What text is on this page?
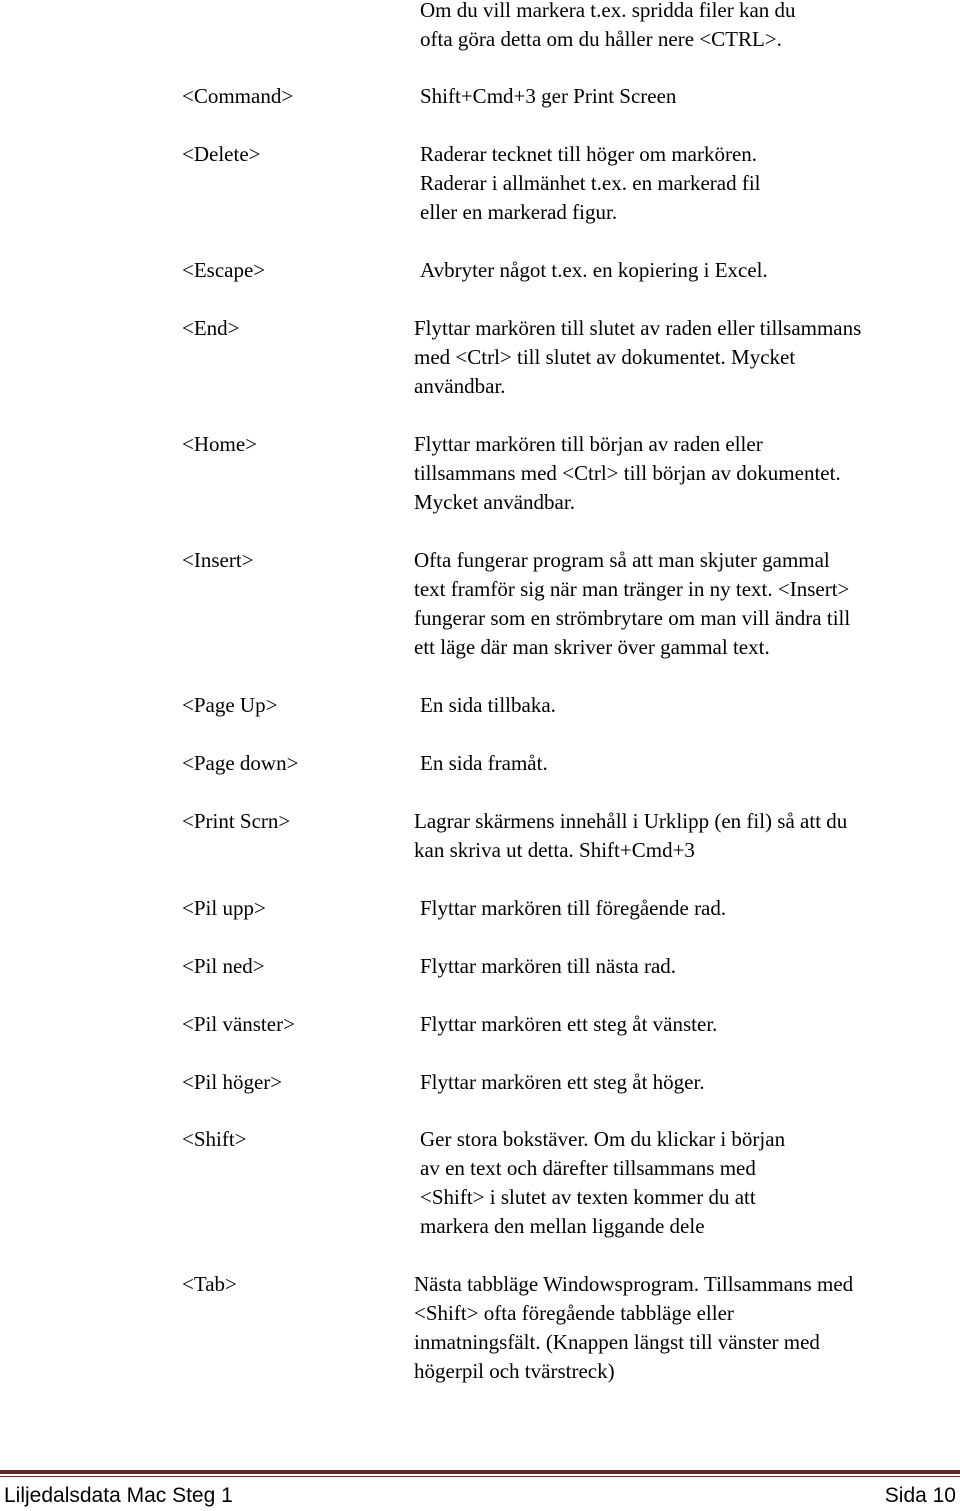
Om du vill markera t.ex. spridda filer kan du
ofta göra detta om du håller nere <CTRL>.
<Command>	Shift+Cmd+3 ger Print Screen
<Delete>	Raderar tecknet till höger om markören.
Raderar i allmänhet t.ex. en markerad fil
eller en markerad figur.
<Escape>	Avbryter något t.ex. en kopiering i Excel.
<End>	Flyttar markören till slutet av raden eller tillsammans
med <Ctrl> till slutet av dokumentet. Mycket
användbar.
<Home>	Flyttar markören till början av raden eller
tillsammans med <Ctrl> till början av dokumentet.
Mycket användbar.
<Insert>	Ofta fungerar program så att man skjuter gammal
text framför sig när man tränger in ny text. <Insert>
fungerar som en strömbrytare om man vill ändra till
ett läge där man skriver över gammal text.
<Page Up>	En sida tillbaka.
<Page down>	En sida framåt.
<Print Scrn>	Lagrar skärmens innehåll i Urklipp (en fil) så att du
kan skriva ut detta. Shift+Cmd+3
<Pil upp>	Flyttar markören till föregående rad.
<Pil ned>	Flyttar markören till nästa rad.
<Pil vänster>	Flyttar markören ett steg åt vänster.
<Pil höger>	Flyttar markören ett steg åt höger.
<Shift>	Ger stora bokstäver. Om du klickar i början
av en text och därefter tillsammans med
<Shift> i slutet av texten kommer du att
markera den mellan liggande dele
<Tab>	Nästa tabbläge Windowsprogram. Tillsammans med
<Shift> ofta föregående tabbläge eller
inmatningsfält. (Knappen längst till vänster med
högerpil och tvärstreck)
Liljedalsdata Mac Steg 1	Sida 10
